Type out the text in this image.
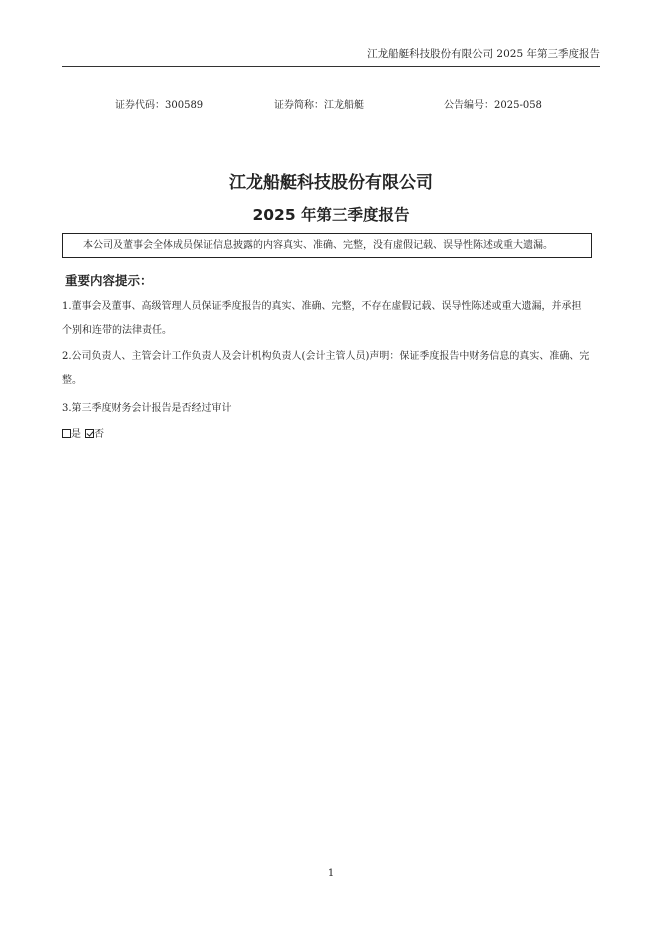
江龙船艇科技股份有限公司 2025 年第三季度报告
证券代码：300589	证券简称：江龙船艇	公告编号：2025-058
江龙船艇科技股份有限公司
2025 年第三季度报告
本公司及董事会全体成员保证信息披露的内容真实、准确、完整，没有虚假记载、误导性陈述或重大遗漏。
重要内容提示：
1.董事会及董事、高级管理人员保证季度报告的真实、准确、完整，不存在虚假记载、误导性陈述或重大遗漏，并承担个别和连带的法律责任。
2.公司负责人、主管会计工作负责人及会计机构负责人(会计主管人员)声明：保证季度报告中财务信息的真实、准确、完整。
3.第三季度财务会计报告是否经过审计
是 否
1
